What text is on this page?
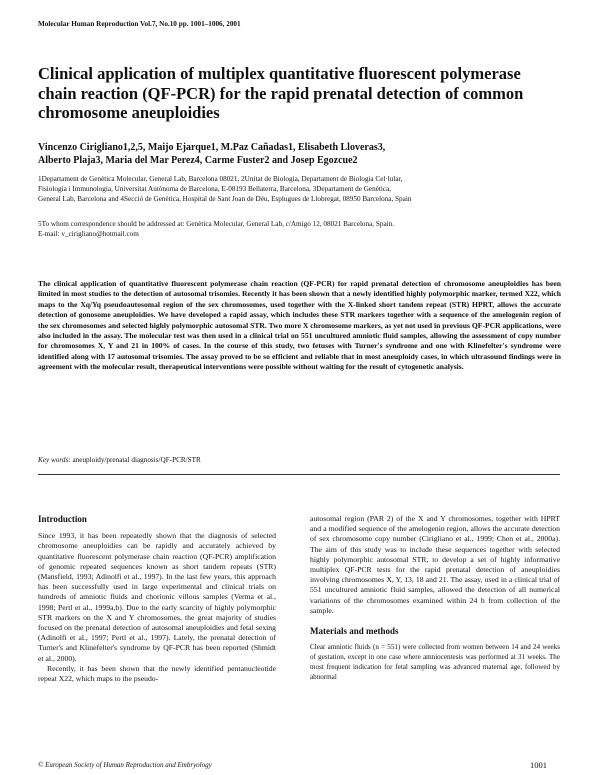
Molecular Human Reproduction Vol.7, No.10 pp. 1001–1006, 2001
Clinical application of multiplex quantitative fluorescent polymerase chain reaction (QF-PCR) for the rapid prenatal detection of common chromosome aneuploidies
Vincenzo Cirigliano1,2,5, Maijo Ejarque1, M.Paz Cañadas1, Elisabeth Lloveras3,
Alberto Plaja3, Maria del Mar Perez4, Carme Fuster2 and Josep Egozcue2
1Departament de Genètica Molecular, General Lab, Barcelona 08021, 2Unitat de Biologia, Departament de Biologia Cel·lular,
Fisiologia i Immunologia, Universitat Autònoma de Barcelona, E-08193 Bellaterra, Barcelona, 3Departament de Genètica,
General Lab, Barcelona and 4Secció de Genètica, Hospital de Sant Joan de Déu, Esplugues de Llobregat, 08950 Barcelona, Spain
5To whom correspondence should be addressed at: Genètica Molecular, General Lab, c/Amigo 12, 08021 Barcelona, Spain.
E-mail: v_cirigliano@hotmail.com
The clinical application of quantitative fluorescent polymerase chain reaction (QF-PCR) for rapid prenatal detection of chromosome aneuploidies has been limited in most studies to the detection of autosomal trisomies. Recently it has been shown that a newly identified highly polymorphic marker, termed X22, which maps to the Xq/Yq pseudoautosomal region of the sex chromosomes, used together with the X-linked short tandem repeat (STR) HPRT, allows the accurate detection of gonosome aneuploidies. We have developed a rapid assay, which includes these STR markers together with a sequence of the amelogenin region of the sex chromosomes and selected highly polymorphic autosomal STR. Two more X chromosome markers, as yet not used in previous QF-PCR applications, were also included in the assay. The molecular test was then used in a clinical trial on 551 uncultured amniotic fluid samples, allowing the assessment of copy number for chromosomes X, Y and 21 in 100% of cases. In the course of this study, two fetuses with Turner's syndrome and one with Klinefelter's syndrome were identified along with 17 autosomal trisomies. The assay proved to be so efficient and reliable that in most aneuploidy cases, in which ultrasound findings were in agreement with the molecular result, therapeutical interventions were possible without waiting for the result of cytogenetic analysis.
Key words: aneuploidy/prenatal diagnosis/QF-PCR/STR
Introduction

Since 1993, it has been repeatedly shown that the diagnosis of selected chromosome aneuploidies can be rapidly and accurately achieved by quantitative fluorescent polymerase chain reaction (QF-PCR) amplification of genomic repeated sequences known as short tandem repeats (STR) (Mansfield, 1993; Adinolfi et al., 1997). In the last few years, this approach has been successfully used in large experimental and clinical trials on hundreds of amniotic fluids and chorionic villous samples (Verma et al., 1998; Pertl et al., 1999a,b). Due to the early scarcity of highly polymorphic STR markers on the X and Y chromosomes, the great majority of studies focused on the prenatal detection of autosomal aneuploidies and fetal sexing (Adinolfi et al., 1997; Pertl et al., 1997). Lately, the prenatal detection of Turner's and Klinefelter's syndrome by QF-PCR has been reported (Shmidt et al., 2000).

Recently, it has been shown that the newly identified pentanucleotide repeat X22, which maps to the pseudo-

autosomal region (PAR 2) of the X and Y chromosomes, together with HPRT and a modified sequence of the amelogenin region, allows the accurate detection of sex chromosome copy number (Cirigliano et al., 1999; Chen et al., 2000a). The aim of this study was to include these sequences together with selected highly polymorphic autosomal STR, to develop a set of highly informative multiplex QF-PCR tests for the rapid prenatal detection of aneuploidies involving chromosomes X, Y, 13, 18 and 21. The assay, used in a clinical trial of 551 uncultured amniotic fluid samples, allowed the detection of all numerical variations of the chromosomes examined within 24 h from collection of the sample.

Materials and methods

Clear amniotic fluids (n = 551) were collected from women between 14 and 24 weeks of gestation, except in one case where amniocentesis was performed at 31 weeks. The most frequent indication for fetal sampling was advanced maternal age, followed by abnormal

© European Society of Human Reproduction and Embryology	1001
